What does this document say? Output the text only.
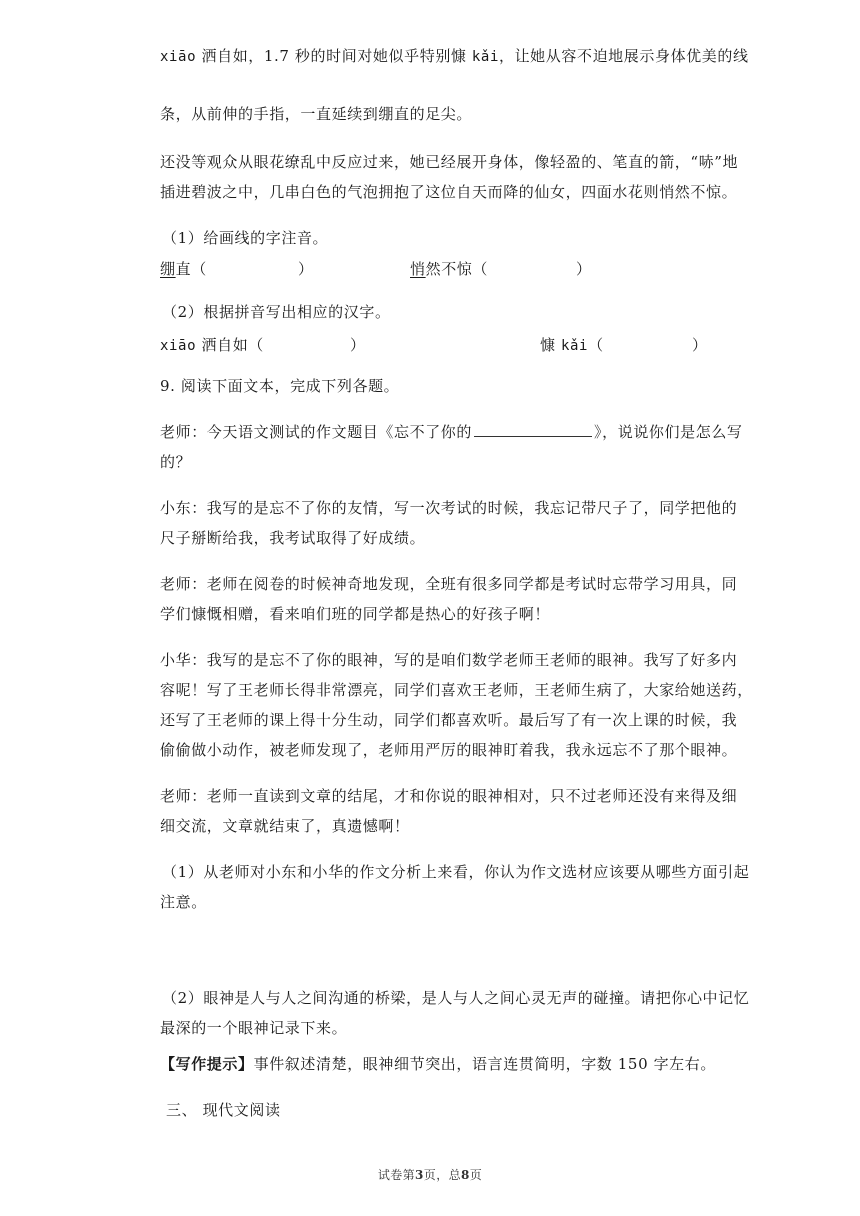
xiāo 洒自如，1.7 秒的时间对她似乎特别慷 kǎi，让她从容不迫地展示身体优美的线
条，从前伸的手指，一直延续到绷直的足尖。
还没等观众从眼花缭乱中反应过来，她已经展开身体，像轻盈的、笔直的箭，“哧”地
插进碧波之中，几串白色的气泡拥抱了这位自天而降的仙女，四面水花则悄然不惊。
（1）给画线的字注音。
绷直（	）	悄然不惊（	）
（2）根据拼音写出相应的汉字。
xiāo 洒自如（	）	慷 kǎi（	）
9. 阅读下面文本，完成下列各题。
老师：今天语文测试的作文题目《忘不了你的	》，说说你们是怎么写
的？
小东：我写的是忘不了你的友情，写一次考试的时候，我忘记带尺子了，同学把他的
尺子掰断给我，我考试取得了好成绩。
老师：老师在阅卷的时候神奇地发现，全班有很多同学都是考试时忘带学习用具，同
学们慷慨相赠，看来咱们班的同学都是热心的好孩子啊！
小华：我写的是忘不了你的眼神，写的是咱们数学老师王老师的眼神。我写了好多内
容呢！写了王老师长得非常漂亮，同学们喜欢王老师，王老师生病了，大家给她送药，
还写了王老师的课上得十分生动，同学们都喜欢听。最后写了有一次上课的时候，我
偷偷做小动作，被老师发现了，老师用严厉的眼神盯着我，我永远忘不了那个眼神。
老师：老师一直读到文章的结尾，才和你说的眼神相对，只不过老师还没有来得及细
细交流，文章就结束了，真遗憾啊！
（1）从老师对小东和小华的作文分析上来看，你认为作文选材应该要从哪些方面引起
注意。
（2）眼神是人与人之间沟通的桥梁，是人与人之间心灵无声的碰撞。请把你心中记忆
最深的一个眼神记录下来。
【写作提示】事件叙述清楚，眼神细节突出，语言连贯简明，字数 150 字左右。
三、 现代文阅读
试卷第3页，总8页
